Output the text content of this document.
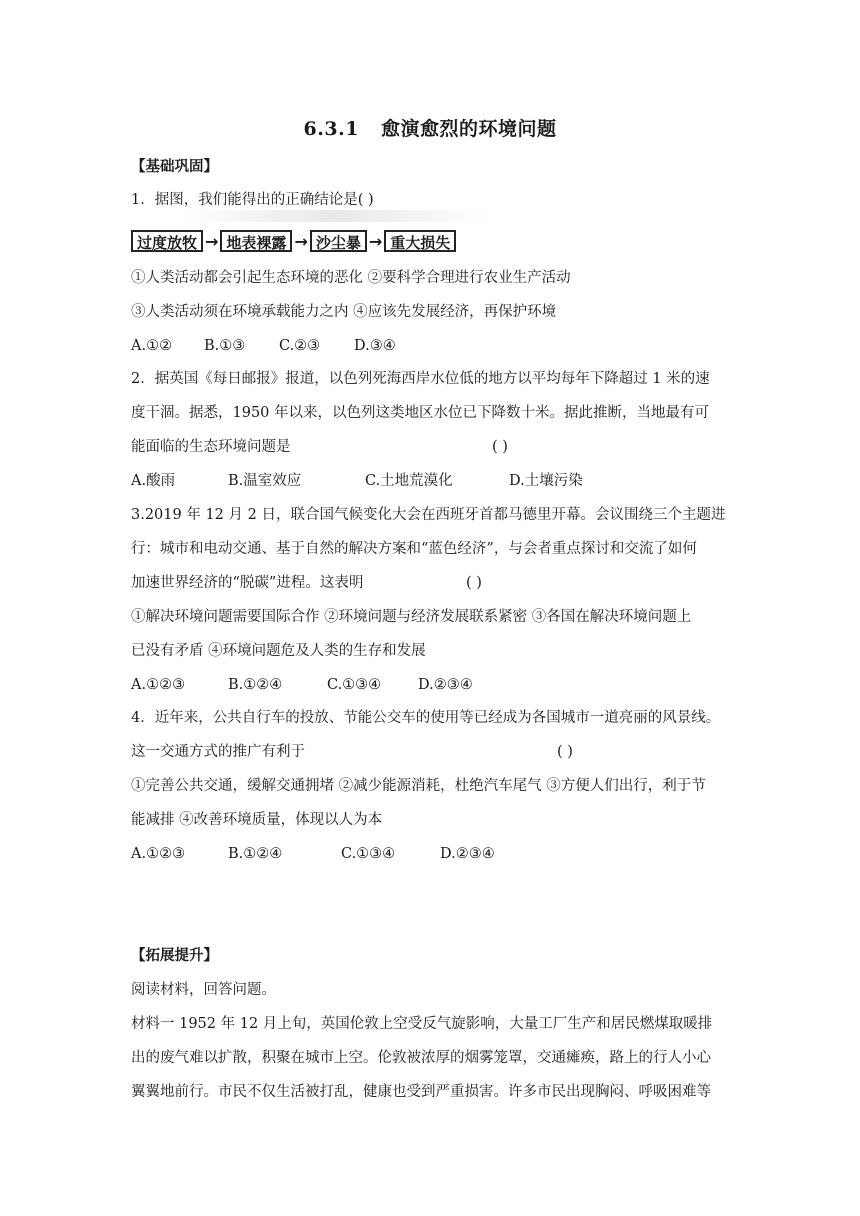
6.3.1 愈演愈烈的环境问题
【基础巩固】
1．据图，我们能得出的正确结论是( )
过度放牧 → 地表裸露 → 沙尘暴 → 重大损失
①人类活动都会引起生态环境的恶化 ②要科学合理进行农业生产活动
③人类活动须在环境承载能力之内 ④应该先发展经济，再保护环境
A.①② B.①③ C.②③ D.③④
2．据英国《每日邮报》报道，以色列死海西岸水位低的地方以平均每年下降超过 1 米的速
度干涸。据悉，1950 年以来，以色列这类地区水位已下降数十米。据此推断，当地最有可
能面临的生态环境问题是	( )
A.酸雨	B.温室效应	C.土地荒漠化	D.土壤污染
3.2019 年 12 月 2 日，联合国气候变化大会在西班牙首都马德里开幕。会议围绕三个主题进
行：城市和电动交通、基于自然的解决方案和“蓝色经济”，与会者重点探讨和交流了如何
加速世界经济的“脱碳”进程。这表明	( )
①解决环境问题需要国际合作 ②环境问题与经济发展联系紧密 ③各国在解决环境问题上
已没有矛盾 ④环境问题危及人类的生存和发展
A.①②③	B.①②④	C.①③④	D.②③④
4．近年来，公共自行车的投放、节能公交车的使用等已经成为各国城市一道亮丽的风景线。
这一交通方式的推广有利于	( )
①完善公共交通，缓解交通拥堵 ②减少能源消耗，杜绝汽车尾气 ③方便人们出行，利于节
能减排 ④改善环境质量，体现以人为本
A.①②③	B.①②④	C.①③④	D.②③④
【拓展提升】
阅读材料，回答问题。
材料一 1952 年 12 月上旬，英国伦敦上空受反气旋影响，大量工厂生产和居民燃煤取暖排
出的废气难以扩散，积聚在城市上空。伦敦被浓厚的烟雾笼罩，交通瘫痪，路上的行人小心
翼翼地前行。市民不仅生活被打乱，健康也受到严重损害。许多市民出现胸闷、呼吸困难等
